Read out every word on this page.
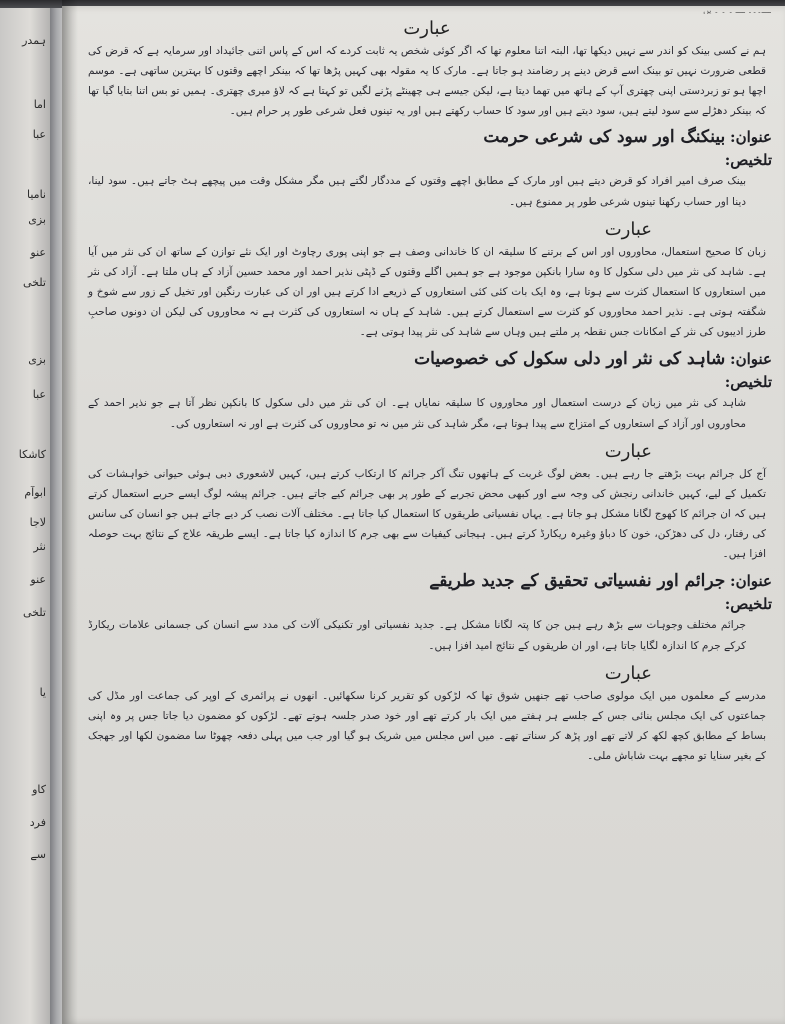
ہمدر
اما
عبا
نامیا
بزی
عنو
تلخی
بزی
عبا
کاشکا
ابوآم
لاجا
نثر
عنو
تلخی
یا
کاو
فرد
سے
ــــ۔۔۔ ــــ ۔ ۔ ۔ یں
عبارت

ہم نے کسی بینک کو اندر سے نہیں دیکھا تھا، البتہ اتنا معلوم تھا کہ اگر کوئی شخص یہ ثابت کردے کہ اس کے پاس اتنی جائیداد اور سرمایہ ہے کہ قرض کی قطعی ضرورت نہیں تو بینک اسے قرض دینے پر رضامند ہو جاتا ہے۔ مارک کا یہ مقولہ بھی کہیں پڑھا تھا کہ بینکر اچھے وقتوں کا بہترین ساتھی ہے۔ موسم اچھا ہو تو زبردستی اپنی چھتری آپ کے ہاتھ میں تھما دیتا ہے، لیکن جیسے ہی چھینٹے پڑنے لگیں تو کہتا ہے کہ لاؤ میری چھتری۔ ہمیں تو بس اتنا بتایا گیا تھا کہ بینکر دھڑلے سے سود لیتے ہیں، سود دیتے ہیں اور سود کا حساب رکھتے ہیں اور یہ تینوں فعل شرعی طور پر حرام ہیں۔

عنوان: بینکنگ اور سود کی شرعی حرمت
تلخیص:

بینک صرف امیر افراد کو قرض دیتے ہیں اور مارک کے مطابق اچھے وقتوں کے مددگار لگتے ہیں مگر مشکل وقت میں پیچھے ہٹ جاتے ہیں۔ سود لینا، دینا اور حساب رکھنا تینوں شرعی طور پر ممنوع ہیں۔

عبارت

زبان کا صحیح استعمال، محاوروں اور اس کے برتنے کا سلیقہ ان کا خاندانی وصف ہے جو اپنی پوری رچاوٹ اور ایک نئے توازن کے ساتھ ان کی نثر میں آیا ہے۔ شاہد کی نثر میں دلی سکول کا وہ سارا بانکپن موجود ہے جو ہمیں اگلے وقتوں کے ڈپٹی نذیر احمد اور محمد حسین آزاد کے ہاں ملتا ہے۔ آزاد کی نثر میں استعاروں کا استعمال کثرت سے ہوتا ہے، وہ ایک بات کئی کئی استعاروں کے ذریعے ادا کرتے ہیں اور ان کی عبارت رنگین اور تخیل کے زور سے شوخ و شگفتہ ہوتی ہے۔ نذیر احمد محاوروں کو کثرت سے استعمال کرتے ہیں۔ شاہد کے ہاں نہ استعاروں کی کثرت ہے نہ محاوروں کی لیکن ان دونوں صاحبِ طرز ادیبوں کی نثر کے امکانات جس نقطہ پر ملتے ہیں وہاں سے شاہد کی نثر پیدا ہوتی ہے۔

عنوان: شاہد کی نثر اور دلی سکول کی خصوصیات
تلخیص:

شاہد کی نثر میں زبان کے درست استعمال اور محاوروں کا سلیقہ نمایاں ہے۔ ان کی نثر میں دلی سکول کا بانکپن نظر آتا ہے جو نذیر احمد کے محاوروں اور آزاد کے استعاروں کے امتزاج سے پیدا ہوتا ہے، مگر شاہد کی نثر میں نہ تو محاوروں کی کثرت ہے اور نہ استعاروں کی۔

عبارت

آج کل جرائم بہت بڑھتے جا رہے ہیں۔ بعض لوگ غربت کے ہاتھوں تنگ آکر جرائم کا ارتکاب کرتے ہیں، کہیں لاشعوری دبی ہوئی حیوانی خواہشات کی تکمیل کے لیے، کہیں خاندانی رنجش کی وجہ سے اور کبھی محض تجربے کے طور پر بھی جرائم کیے جاتے ہیں۔ جرائم پیشہ لوگ ایسے حربے استعمال کرتے ہیں کہ ان جرائم کا کھوج لگانا مشکل ہو جاتا ہے۔ یہاں نفسیاتی طریقوں کا استعمال کیا جاتا ہے۔ مختلف آلات نصب کر دیے جاتے ہیں جو انسان کی سانس کی رفتار، دل کی دھڑکن، خون کا دباؤ وغیرہ ریکارڈ کرتے ہیں۔ ہیجانی کیفیات سے بھی جرم کا اندازہ کیا جاتا ہے۔ ایسے طریقہ علاج کے نتائج بہت حوصلہ افزا ہیں۔

عنوان: جرائم اور نفسیاتی تحقیق کے جدید طریقے
تلخیص:

جرائم مختلف وجوہات سے بڑھ رہے ہیں جن کا پتہ لگانا مشکل ہے۔ جدید نفسیاتی اور تکنیکی آلات کی مدد سے انسان کی جسمانی علامات ریکارڈ کرکے جرم کا اندازہ لگایا جاتا ہے، اور ان طریقوں کے نتائج امید افزا ہیں۔

عبارت

مدرسے کے معلموں میں ایک مولوی صاحب تھے جنھیں شوق تھا کہ لڑکوں کو تقریر کرنا سکھائیں۔ انھوں نے پرائمری کے اوپر کی جماعت اور مڈل کی جماعتوں کی ایک مجلس بنائی جس کے جلسے ہر ہفتے میں ایک بار کرتے تھے اور خود صدر جلسہ ہوتے تھے۔ لڑکوں کو مضمون دیا جاتا جس پر وہ اپنی بساط کے مطابق کچھ لکھ کر لاتے تھے اور پڑھ کر سناتے تھے۔ میں اس مجلس میں شریک ہو گیا اور جب میں پہلی دفعہ چھوٹا سا مضمون لکھا اور جھجک کے بغیر سنایا تو مجھے بہت شاباش ملی۔
